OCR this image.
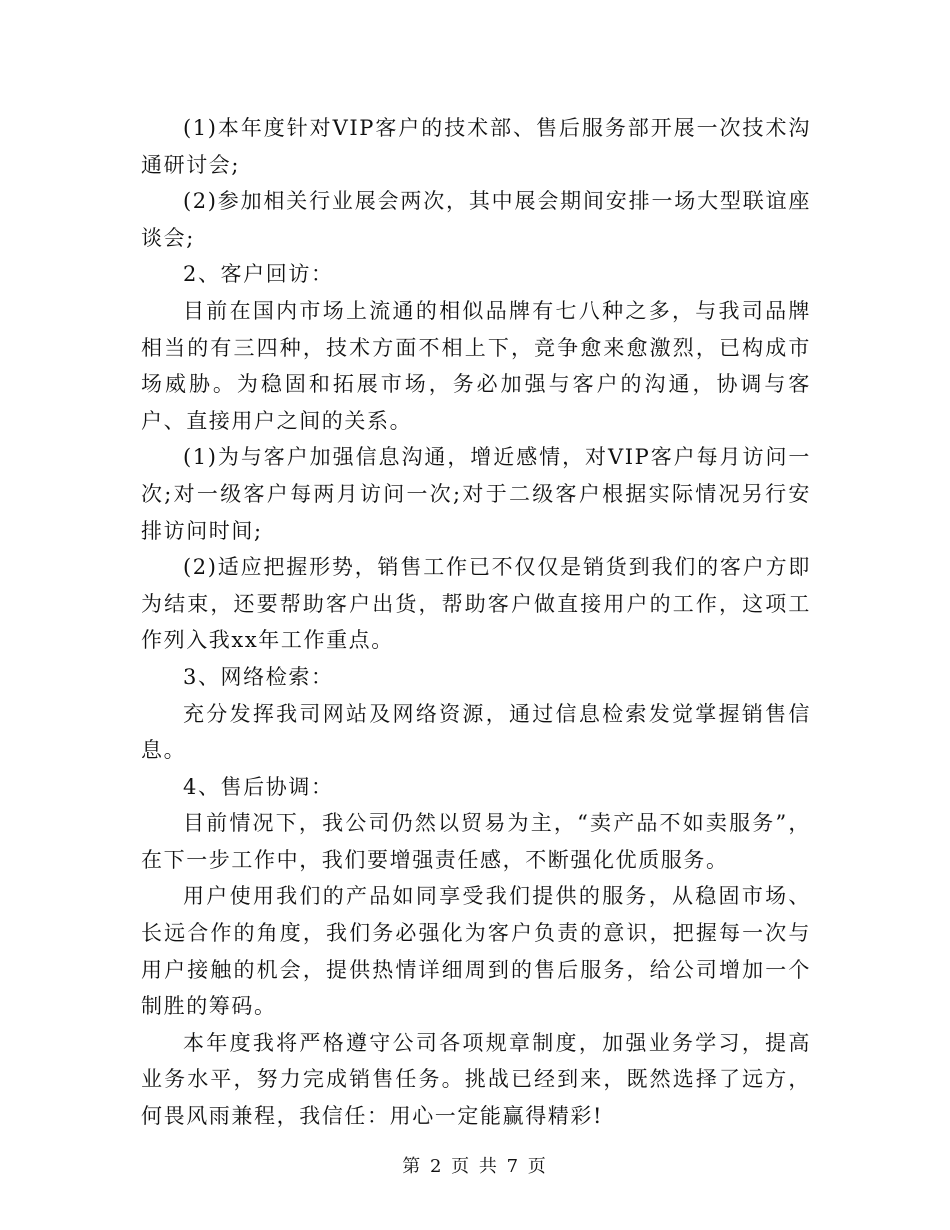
(1)本年度针对VIP客户的技术部、售后服务部开展一次技术沟通研讨会;

(2)参加相关行业展会两次，其中展会期间安排一场大型联谊座谈会;

2、客户回访：

目前在国内市场上流通的相似品牌有七八种之多，与我司品牌相当的有三四种，技术方面不相上下，竞争愈来愈激烈，已构成市场威胁。为稳固和拓展市场，务必加强与客户的沟通，协调与客户、直接用户之间的关系。

(1)为与客户加强信息沟通，增近感情，对VIP客户每月访问一次;对一级客户每两月访问一次;对于二级客户根据实际情况另行安排访问时间;

(2)适应把握形势，销售工作已不仅仅是销货到我们的客户方即为结束，还要帮助客户出货，帮助客户做直接用户的工作，这项工作列入我xx年工作重点。

3、网络检索：

充分发挥我司网站及网络资源，通过信息检索发觉掌握销售信息。

4、售后协调：

目前情况下，我公司仍然以贸易为主，“卖产品不如卖服务”，在下一步工作中，我们要增强责任感，不断强化优质服务。

用户使用我们的产品如同享受我们提供的服务，从稳固市场、长远合作的角度，我们务必强化为客户负责的意识，把握每一次与用户接触的机会，提供热情详细周到的售后服务，给公司增加一个制胜的筹码。

本年度我将严格遵守公司各项规章制度，加强业务学习，提高业务水平，努力完成销售任务。挑战已经到来，既然选择了远方，何畏风雨兼程，我信任：用心一定能赢得精彩!

第 2 页 共 7 页
